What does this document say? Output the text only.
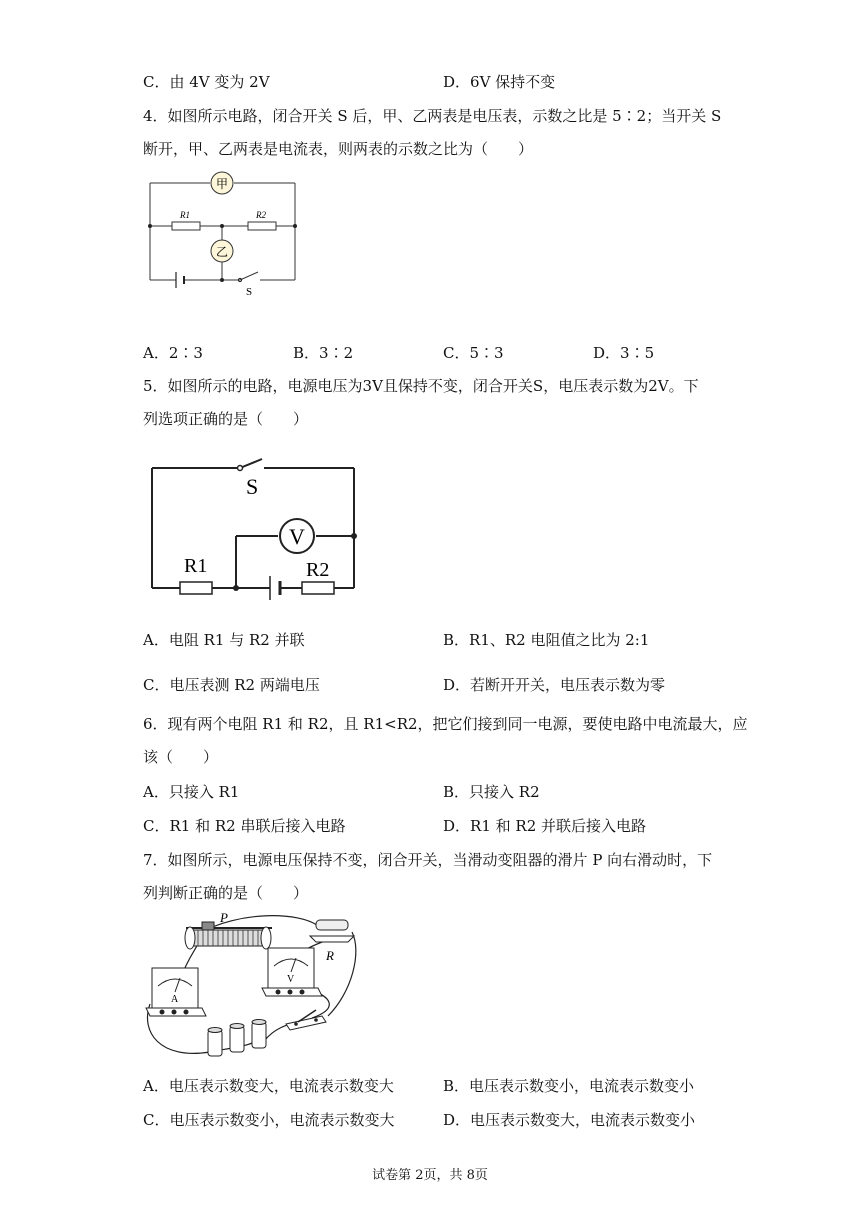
C．由 4V 变为 2V	D．6V 保持不变
4．如图所示电路，闭合开关 S 后，甲、乙两表是电压表，示数之比是 5∶2；当开关 S
断开，甲、乙两表是电流表，则两表的示数之比为（　　）
甲
乙
R1	R2
S
A．2∶3	B．3∶2	C．5∶3	D．3∶5
5．如图所示的电路，电源电压为3V且保持不变，闭合开关S，电压表示数为2V。下
列选项正确的是（　　）
V
S
R1	R2
A．电阻 R1 与 R2 并联	B．R1、R2 电阻值之比为 2:1
C．电压表测 R2 两端电压	D．若断开开关，电压表示数为零
6．现有两个电阻 R1 和 R2，且 R1<R2，把它们接到同一电源，要使电路中电流最大，应
该（　　）
A．只接入 R1	B．只接入 R2
C．R1 和 R2 串联后接入电路	D．R1 和 R2 并联后接入电路
7．如图所示，电源电压保持不变，闭合开关，当滑动变阻器的滑片 P 向右滑动时，下
列判断正确的是（　　）
P
R
A
V
A．电压表示数变大，电流表示数变大	B．电压表示数变小，电流表示数变小
C．电压表示数变小，电流表示数变大	D．电压表示数变大，电流表示数变小
试卷第 2页，共 8页
